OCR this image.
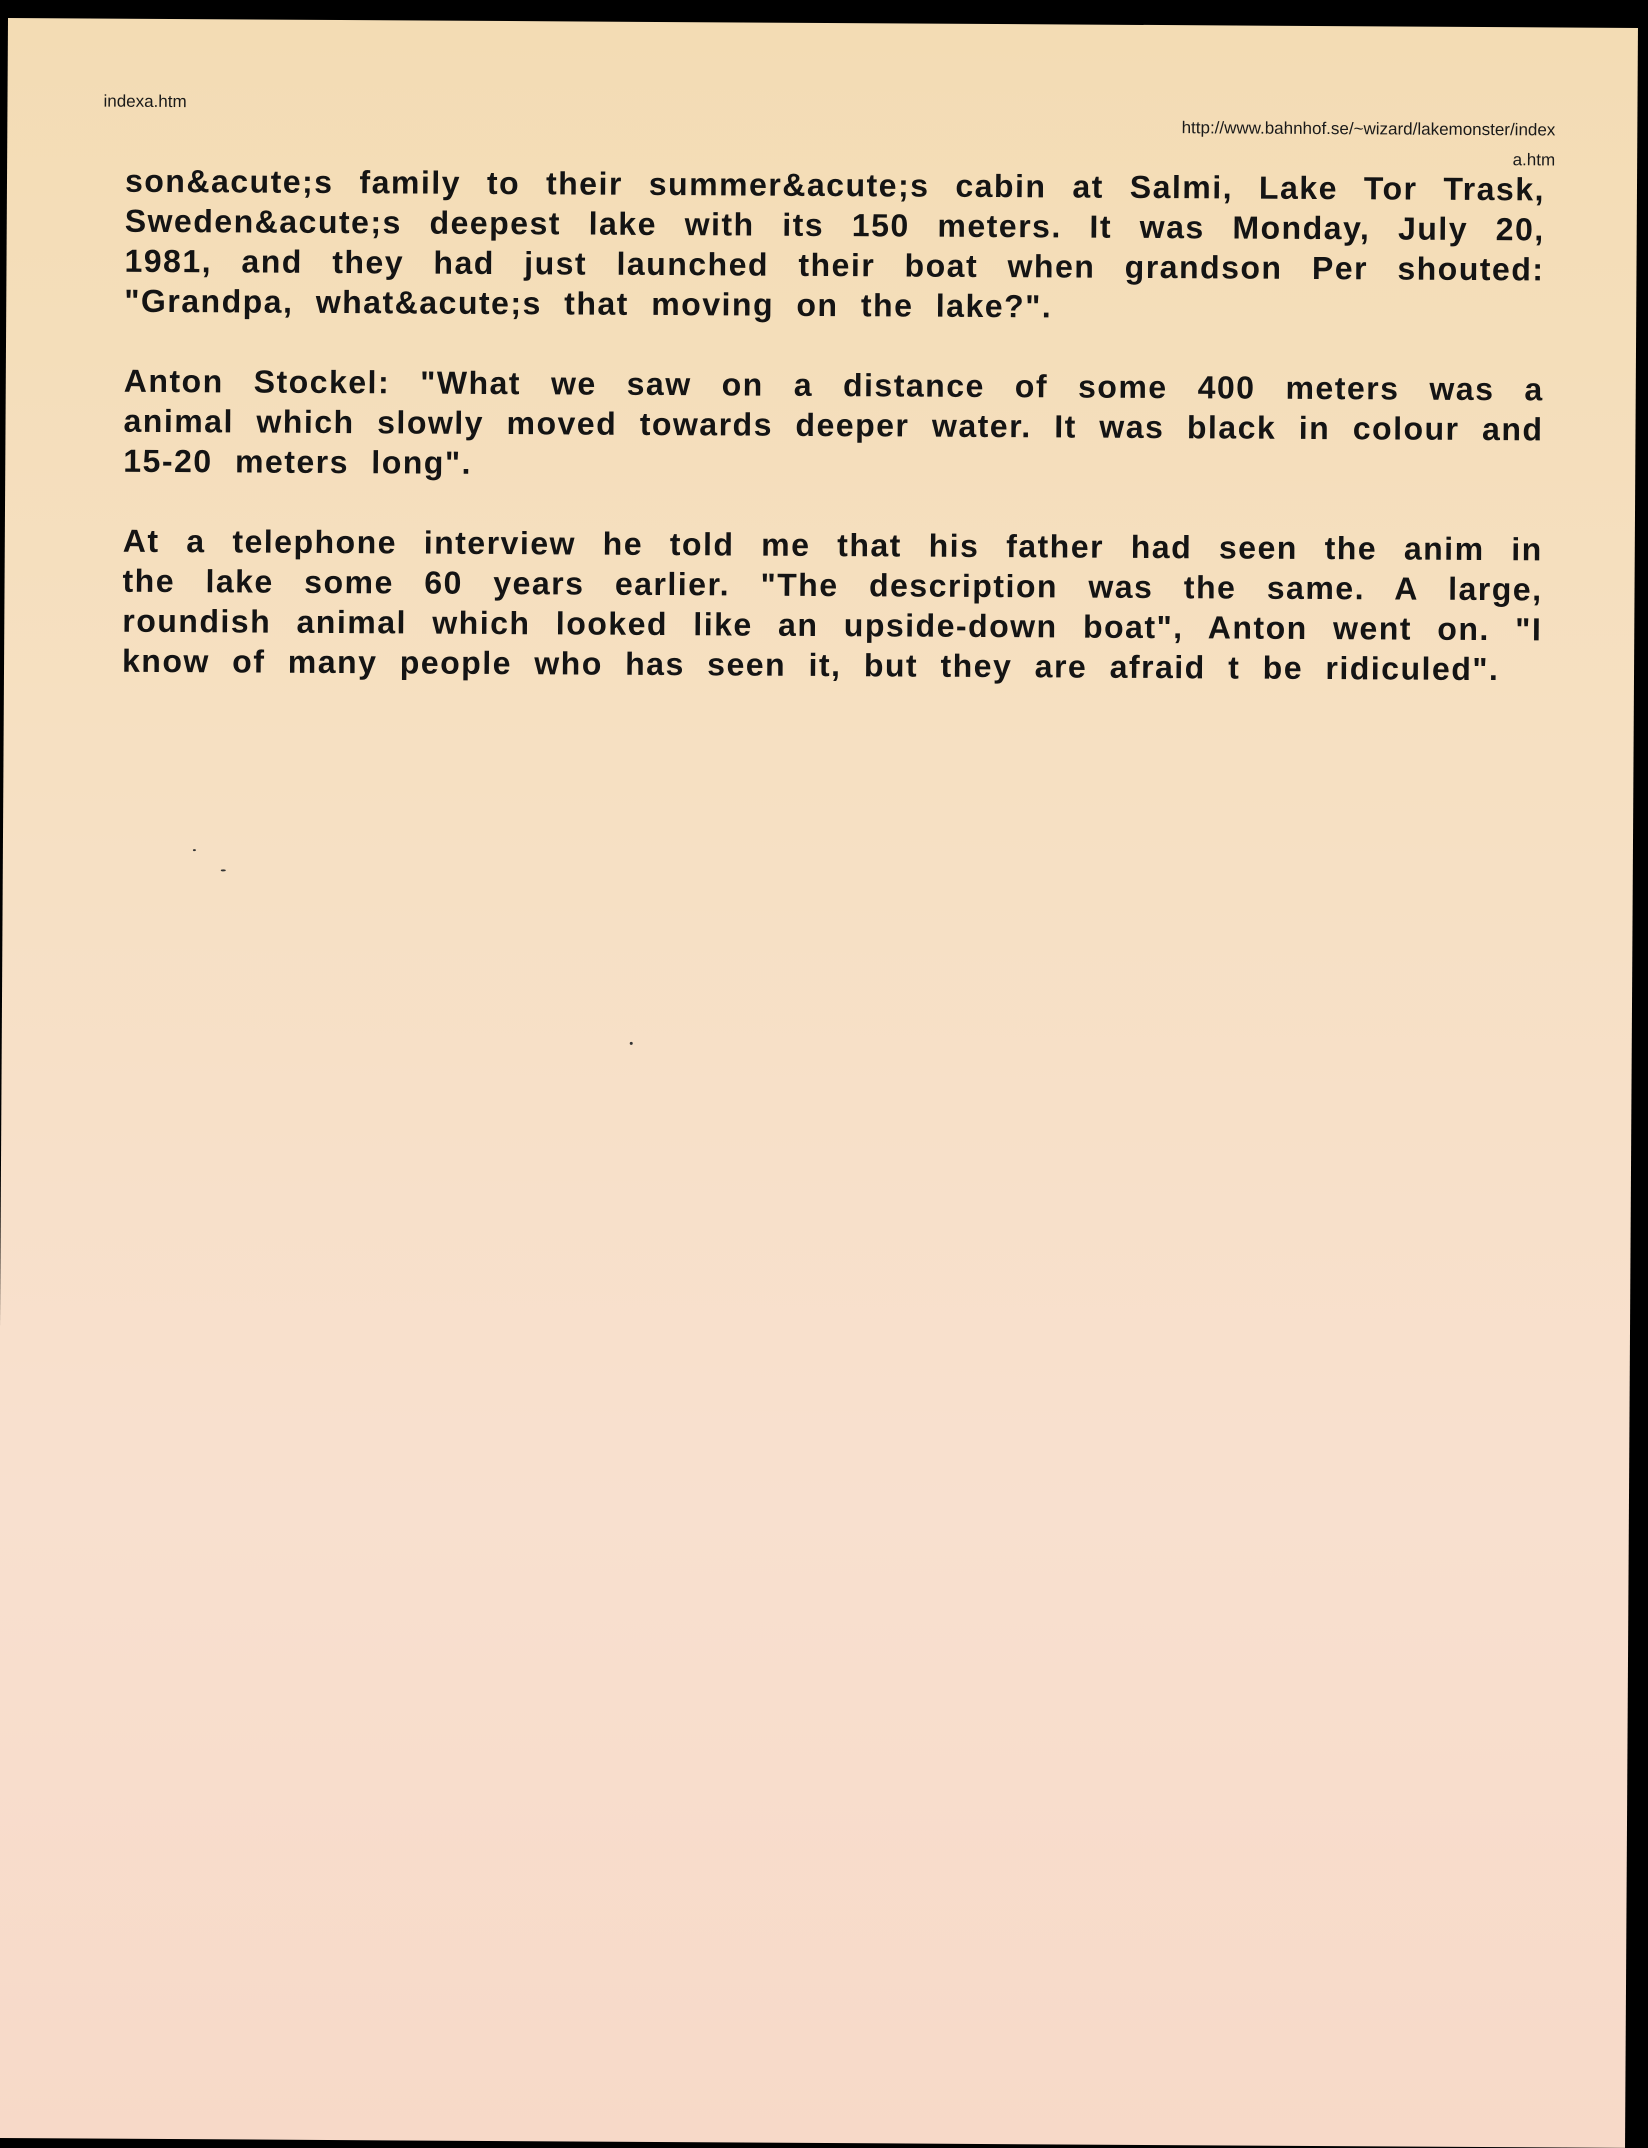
indexa.htm
http://www.bahnhof.se/~wizard/lakemonster/index
a.htm

son&acute;s family to their summer&acute;s cabin at Salmi, Lake Tor Trask, Sweden&acute;s deepest lake with its 150 meters. It was Monday, July 20, 1981, and they had just launched their boat when grandson Per shouted: "Grandpa, what&acute;s that moving on the lake?".

Anton Stockel: "What we saw on a distance of some 400 meters was a animal which slowly moved towards deeper water. It was black in colour and 15-20 meters long".

At a telephone interview he told me that his father had seen the anim in the lake some 60 years earlier. "The description was the same. A large, roundish animal which looked like an upside-down boat", Anton went on. "I know of many people who has seen it, but they are afraid t be ridiculed".
